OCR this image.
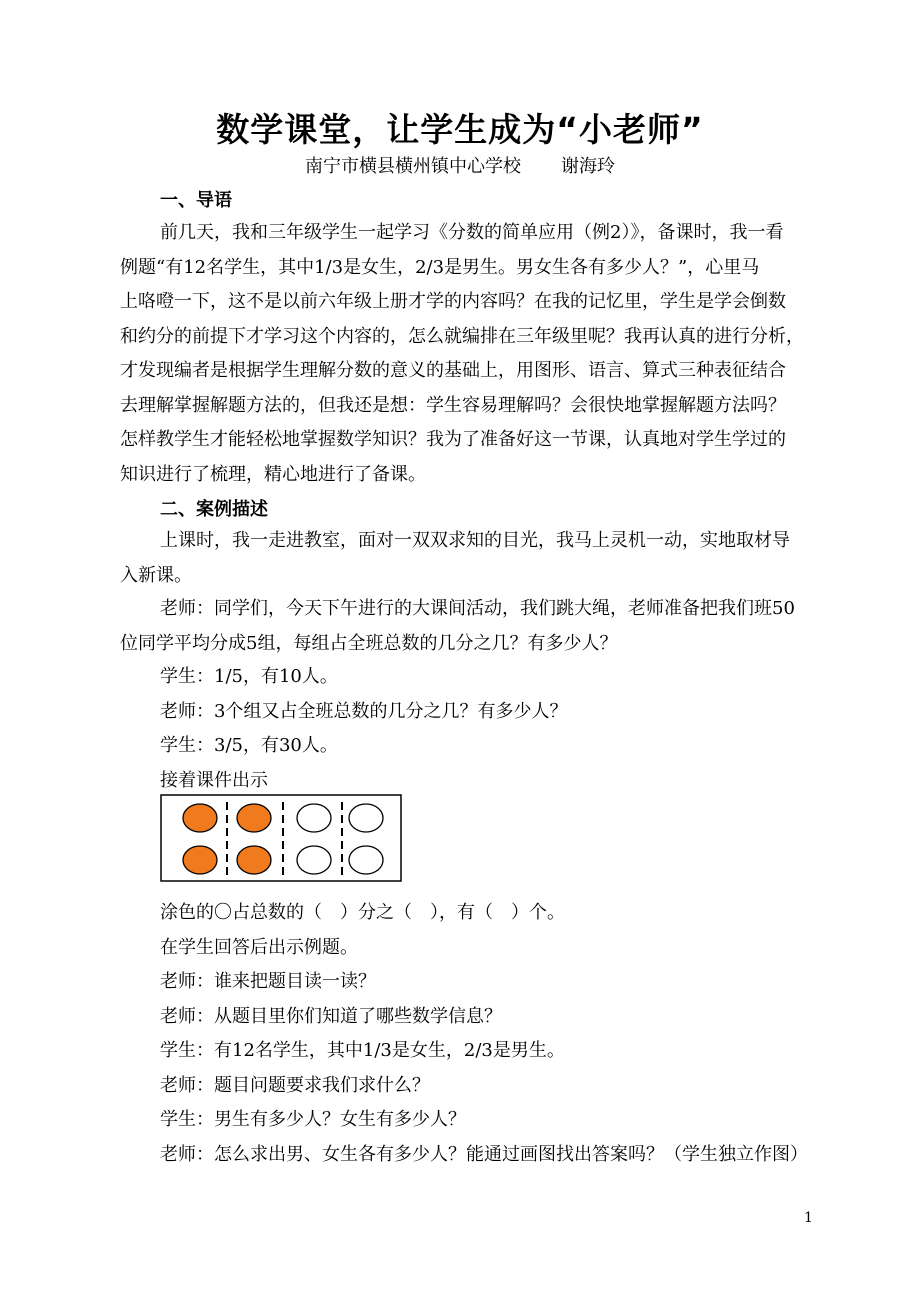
数学课堂，让学生成为“小老师”
南宁市横县横州镇中心学校 谢海玲
一、导语
前几天，我和三年级学生一起学习《分数的简单应用（例2）》，备课时，我一看
例题“有12名学生，其中1/3是女生，2/3是男生。男女生各有多少人？”，心里马
上咯噔一下，这不是以前六年级上册才学的内容吗？在我的记忆里，学生是学会倒数
和约分的前提下才学习这个内容的，怎么就编排在三年级里呢？我再认真的进行分析，
才发现编者是根据学生理解分数的意义的基础上，用图形、语言、算式三种表征结合
去理解掌握解题方法的，但我还是想：学生容易理解吗？会很快地掌握解题方法吗？
怎样教学生才能轻松地掌握数学知识？我为了准备好这一节课，认真地对学生学过的
知识进行了梳理，精心地进行了备课。
二、案例描述
上课时，我一走进教室，面对一双双求知的目光，我马上灵机一动，实地取材导
入新课。
老师：同学们，今天下午进行的大课间活动，我们跳大绳，老师准备把我们班50
位同学平均分成5组，每组占全班总数的几分之几？有多少人？
学生：1/5，有10人。
老师：3个组又占全班总数的几分之几？有多少人？
学生：3/5，有30人。
接着课件出示
涂色的〇占总数的（　）分之（　），有（　）个。
在学生回答后出示例题。
老师：谁来把题目读一读？
老师：从题目里你们知道了哪些数学信息？
学生：有12名学生，其中1/3是女生，2/3是男生。
老师：题目问题要求我们求什么？
学生：男生有多少人？女生有多少人？
老师：怎么求出男、女生各有多少人？能通过画图找出答案吗？（学生独立作图）
1
